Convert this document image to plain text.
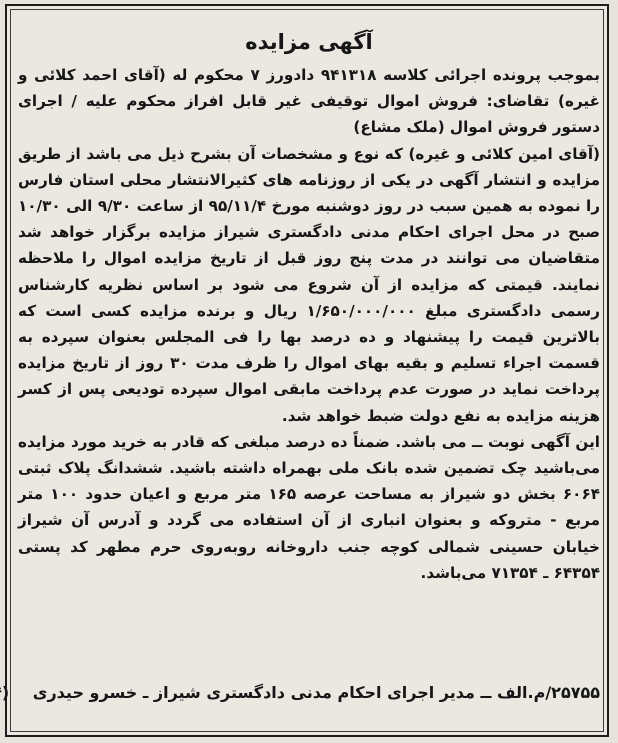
آگهی مزایده

بموجب پرونده اجرائی کلاسه ۹۴۱۳۱۸ دادورز ۷ محکوم له (آقای احمد کلائی و غیره) تقاضای: فروش اموال توقیفی غیر قابل افراز محکوم علیه / اجرای دستور فروش اموال (ملک مشاع)

(آقای امین کلائی و غیره) که نوع و مشخصات آن بشرح ذیل می باشد از طریق مزایده و انتشار آگهی در یکی از روزنامه های کثیرالانتشار محلی استان فارس را نموده به همین سبب در روز دوشنبه مورخ ۹۵/۱۱/۴ از ساعت ۹/۳۰ الی ۱۰/۳۰ صبح در محل اجرای احکام مدنی دادگستری شیراز مزایده برگزار خواهد شد متقاضیان می توانند در مدت پنج روز قبل از تاریخ مزایده اموال را ملاحظه نمایند. قیمتی که مزایده از آن شروع می شود بر اساس نظریه کارشناس رسمی دادگستری مبلغ ۱/۶۵۰/۰۰۰/۰۰۰ ریال و برنده مزایده کسی است که بالاترین قیمت را پیشنهاد و ده درصد بها را فی المجلس بعنوان سپرده به قسمت اجراء تسلیم و بقیه بهای اموال را ظرف مدت ۳۰ روز از تاریخ مزایده پرداخت نماید در صورت عدم پرداخت مابقی اموال سپرده تودیعی پس از کسر هزینه مزایده به نفع دولت ضبط خواهد شد.

این آگهی نوبت ــ می باشد. ضمناً ده درصد مبلغی که قادر به خرید مورد مزایده می‌باشید چک تضمین شده بانک ملی بهمراه داشته باشید. ششدانگ پلاک ثبتی ۶۰۶۴ بخش دو شیراز به مساحت عرصه ۱۶۵ متر مربع و اعیان حدود ۱۰۰ متر مربع - متروکه و بعنوان انباری از آن استفاده می گردد و آدرس آن شیراز خیابان حسینی شمالی کوچه جنب داروخانه روبه‌روی حرم مطهر کد پستی ۶۴۳۵۴ ـ ۷۱۳۵۴ می‌باشد.

۲۵۷۵۵/م.الف ــ مدیر اجرای احکام مدنی دادگستری شیراز ـ خسرو حیدری (
